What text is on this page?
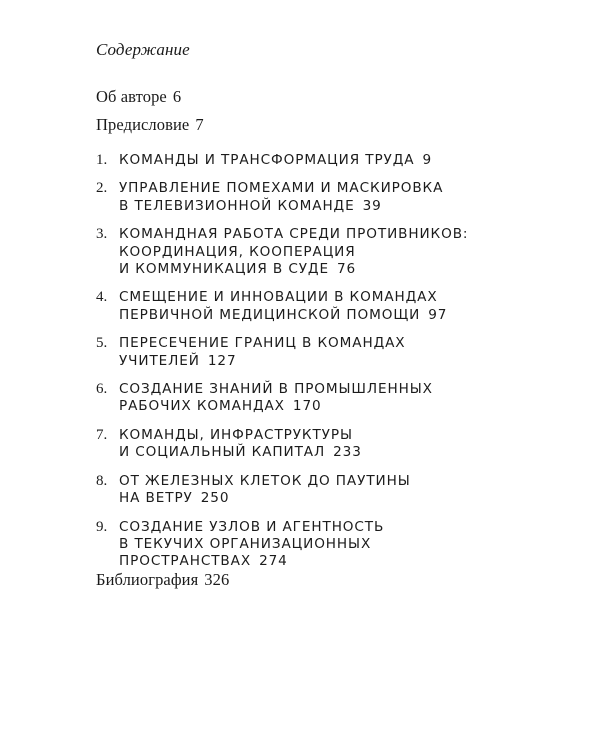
Содержание
Об авторе 6
Предисловие 7
1. КОМАНДЫ И ТРАНСФОРМАЦИЯ ТРУДА 9
2. УПРАВЛЕНИЕ ПОМЕХАМИ И МАСКИРОВКА
В ТЕЛЕВИЗИОННОЙ КОМАНДЕ 39
3. КОМАНДНАЯ РАБОТА СРЕДИ ПРОТИВНИКОВ:
КООРДИНАЦИЯ, КООПЕРАЦИЯ
И КОММУНИКАЦИЯ В СУДЕ 76
4. СМЕЩЕНИЕ И ИННОВАЦИИ В КОМАНДАХ
ПЕРВИЧНОЙ МЕДИЦИНСКОЙ ПОМОЩИ 97
5. ПЕРЕСЕЧЕНИЕ ГРАНИЦ В КОМАНДАХ
УЧИТЕЛЕЙ 127
6. СОЗДАНИЕ ЗНАНИЙ В ПРОМЫШЛЕННЫХ
РАБОЧИХ КОМАНДАХ 170
7. КОМАНДЫ, ИНФРАСТРУКТУРЫ
И СОЦИАЛЬНЫЙ КАПИТАЛ 233
8. ОТ ЖЕЛЕЗНЫХ КЛЕТОК ДО ПАУТИНЫ
НА ВЕТРУ 250
9. СОЗДАНИЕ УЗЛОВ И АГЕНТНОСТЬ
В ТЕКУЧИХ ОРГАНИЗАЦИОННЫХ
ПРОСТРАНСТВАХ 274
Библиография 326
